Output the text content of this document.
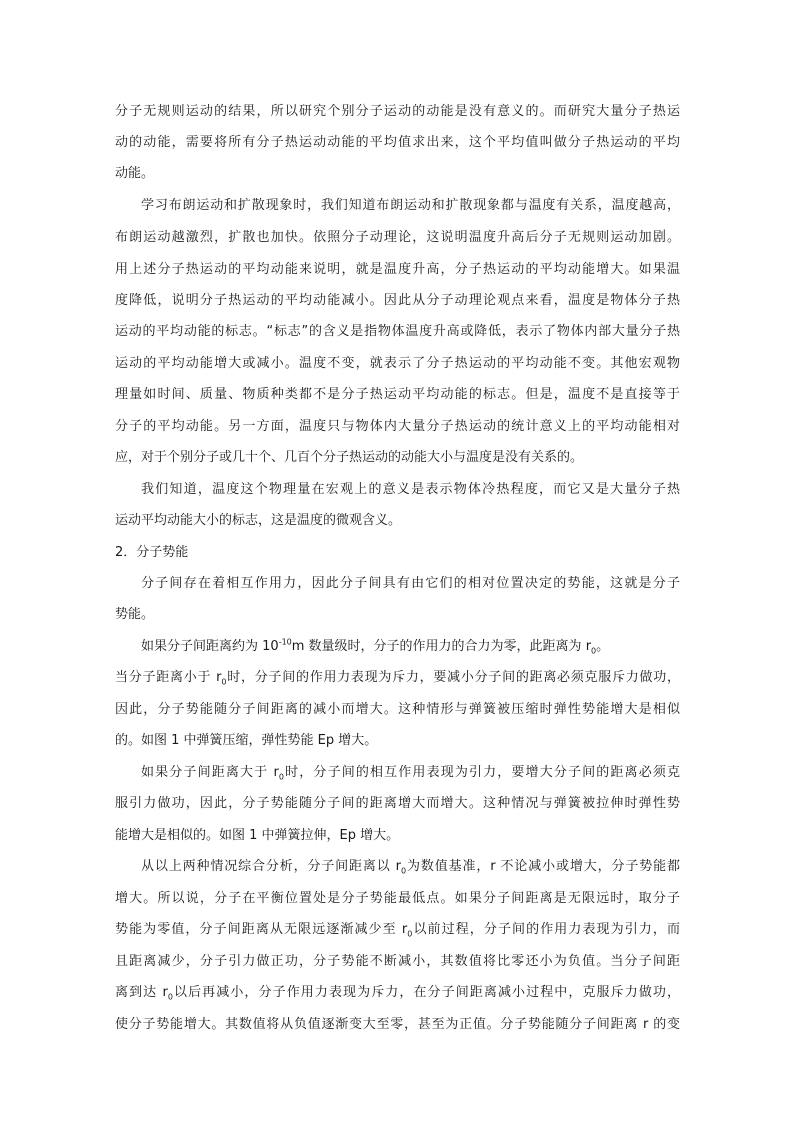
分子无规则运动的结果，所以研究个别分子运动的动能是没有意义的。而研究大量分子热运
动的动能，需要将所有分子热运动动能的平均值求出来，这个平均值叫做分子热运动的平均
动能。
学习布朗运动和扩散现象时，我们知道布朗运动和扩散现象都与温度有关系，温度越高，
布朗运动越激烈，扩散也加快。依照分子动理论，这说明温度升高后分子无规则运动加剧。
用上述分子热运动的平均动能来说明，就是温度升高，分子热运动的平均动能增大。如果温
度降低，说明分子热运动的平均动能减小。因此从分子动理论观点来看，温度是物体分子热
运动的平均动能的标志。“标志”的含义是指物体温度升高或降低，表示了物体内部大量分子热
运动的平均动能增大或减小。温度不变，就表示了分子热运动的平均动能不变。其他宏观物
理量如时间、质量、物质种类都不是分子热运动平均动能的标志。但是，温度不是直接等于
分子的平均动能。另一方面，温度只与物体内大量分子热运动的统计意义上的平均动能相对
应，对于个别分子或几十个、几百个分子热运动的动能大小与温度是没有关系的。
我们知道，温度这个物理量在宏观上的意义是表示物体冷热程度，而它又是大量分子热
运动平均动能大小的标志，这是温度的微观含义。
2．分子势能
分子间存在着相互作用力，因此分子间具有由它们的相对位置决定的势能，这就是分子
势能。
如果分子间距离约为 $10^{-10}m$ 数量级时，分子的作用力的合力为零，此距离为 $r_0$。
当分子距离小于 $r_0$时，分子间的作用力表现为斥力，要减小分子间的距离必须克服斥力做功，
因此，分子势能随分子间距离的减小而增大。这种情形与弹簧被压缩时弹性势能增大是相似
的。如图 1 中弹簧压缩，弹性势能 Ep 增大。
如果分子间距离大于 $r_0$时，分子间的相互作用表现为引力，要增大分子间的距离必须克
服引力做功，因此，分子势能随分子间的距离增大而增大。这种情况与弹簧被拉伸时弹性势
能增大是相似的。如图 1 中弹簧拉伸，Ep 增大。
从以上两种情况综合分析，分子间距离以 $r_0$为数值基准，r 不论减小或增大，分子势能都
增大。所以说，分子在平衡位置处是分子势能最低点。如果分子间距离是无限远时，取分子
势能为零值，分子间距离从无限远逐渐减少至 $r_0$以前过程，分子间的作用力表现为引力，而
且距离减少，分子引力做正功，分子势能不断减小，其数值将比零还小为负值。当分子间距
离到达 $r_0$以后再减小，分子作用力表现为斥力，在分子间距离减小过程中，克服斥力做功，
使分子势能增大。其数值将从负值逐渐变大至零，甚至为正值。分子势能随分子间距离 r 的变
